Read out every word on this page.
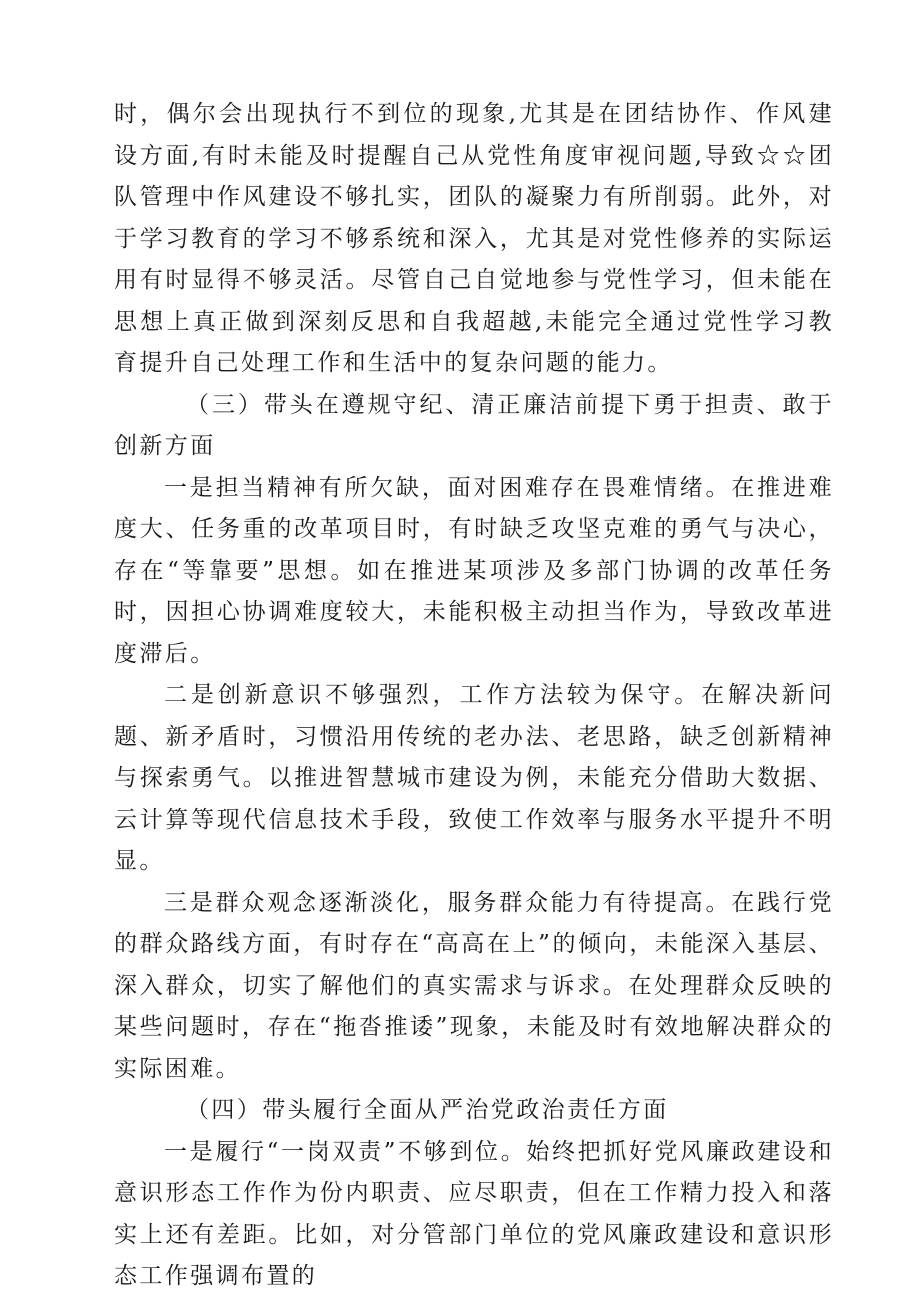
时，偶尔会出现执行不到位的现象,尤其是在团结协作、作风建设方面,有时未能及时提醒自己从党性角度审视问题,导致☆☆团队管理中作风建设不够扎实，团队的凝聚力有所削弱。此外，对于学习教育的学习不够系统和深入，尤其是对党性修养的实际运用有时显得不够灵活。尽管自己自觉地参与党性学习，但未能在思想上真正做到深刻反思和自我超越,未能完全通过党性学习教育提升自己处理工作和生活中的复杂问题的能力。

（三）带头在遵规守纪、清正廉洁前提下勇于担责、敢于创新方面

一是担当精神有所欠缺，面对困难存在畏难情绪。在推进难度大、任务重的改革项目时，有时缺乏攻坚克难的勇气与决心，存在“等靠要”思想。如在推进某项涉及多部门协调的改革任务时，因担心协调难度较大，未能积极主动担当作为，导致改革进度滞后。

二是创新意识不够强烈，工作方法较为保守。在解决新问题、新矛盾时，习惯沿用传统的老办法、老思路，缺乏创新精神与探索勇气。以推进智慧城市建设为例，未能充分借助大数据、云计算等现代信息技术手段，致使工作效率与服务水平提升不明显。

三是群众观念逐渐淡化，服务群众能力有待提高。在践行党的群众路线方面，有时存在“高高在上”的倾向，未能深入基层、深入群众，切实了解他们的真实需求与诉求。在处理群众反映的某些问题时，存在“拖沓推诿”现象，未能及时有效地解决群众的实际困难。

（四）带头履行全面从严治党政治责任方面

一是履行“一岗双责”不够到位。始终把抓好党风廉政建设和意识形态工作作为份内职责、应尽职责，但在工作精力投入和落实上还有差距。比如，对分管部门单位的党风廉政建设和意识形态工作强调布置的
